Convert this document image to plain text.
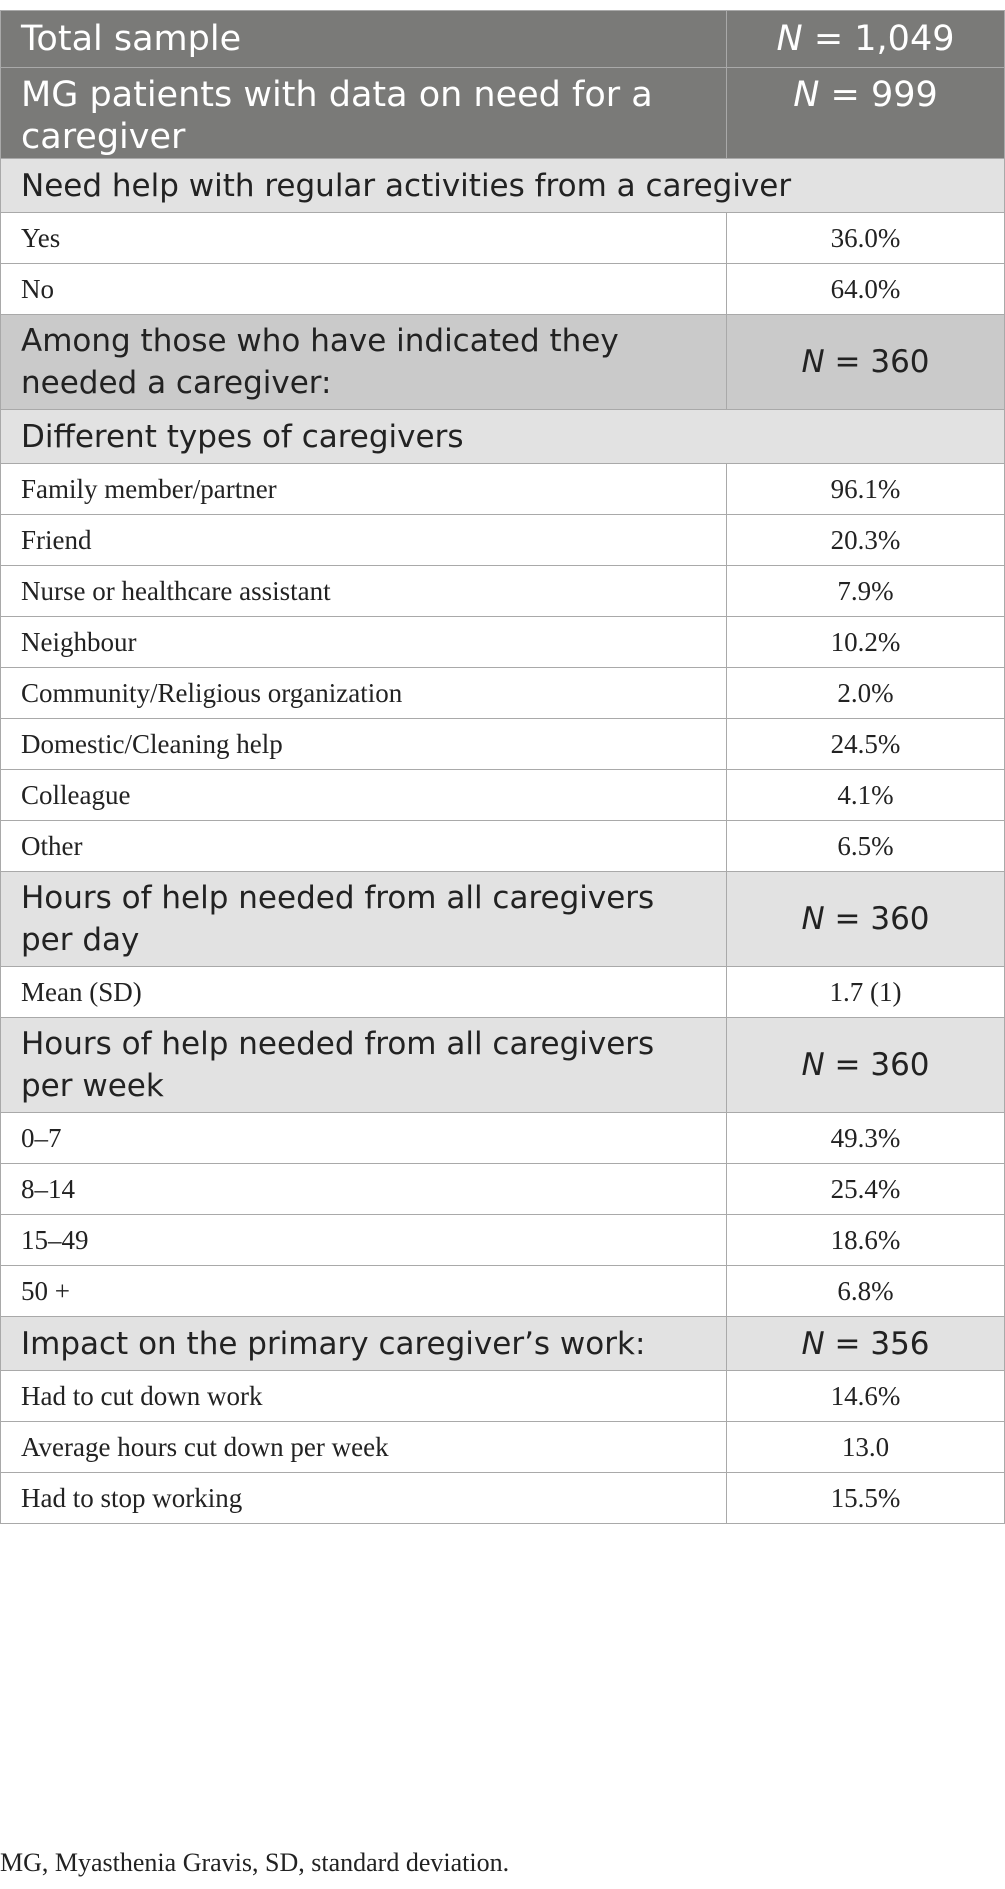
Total sample	N = 1,049
MG patients with data on need for a caregiver	N = 999
Need help with regular activities from a caregiver	
Yes	36.0%
No	64.0%
Among those who have indicated they needed a caregiver:	N = 360
Different types of caregivers	
Family member/partner	96.1%
Friend	20.3%
Nurse or healthcare assistant	7.9%
Neighbour	10.2%
Community/Religious organization	2.0%
Domestic/Cleaning help	24.5%
Colleague	4.1%
Other	6.5%
Hours of help needed from all caregivers per day	N = 360
Mean (SD)	1.7 (1)
Hours of help needed from all caregivers per week	N = 360
0–7	49.3%
8–14	25.4%
15–49	18.6%
50 +	6.8%
Impact on the primary caregiver’s work:	N = 356
Had to cut down work	14.6%
Average hours cut down per week	13.0
Had to stop working	15.5%
MG, Myasthenia Gravis, SD, standard deviation.
